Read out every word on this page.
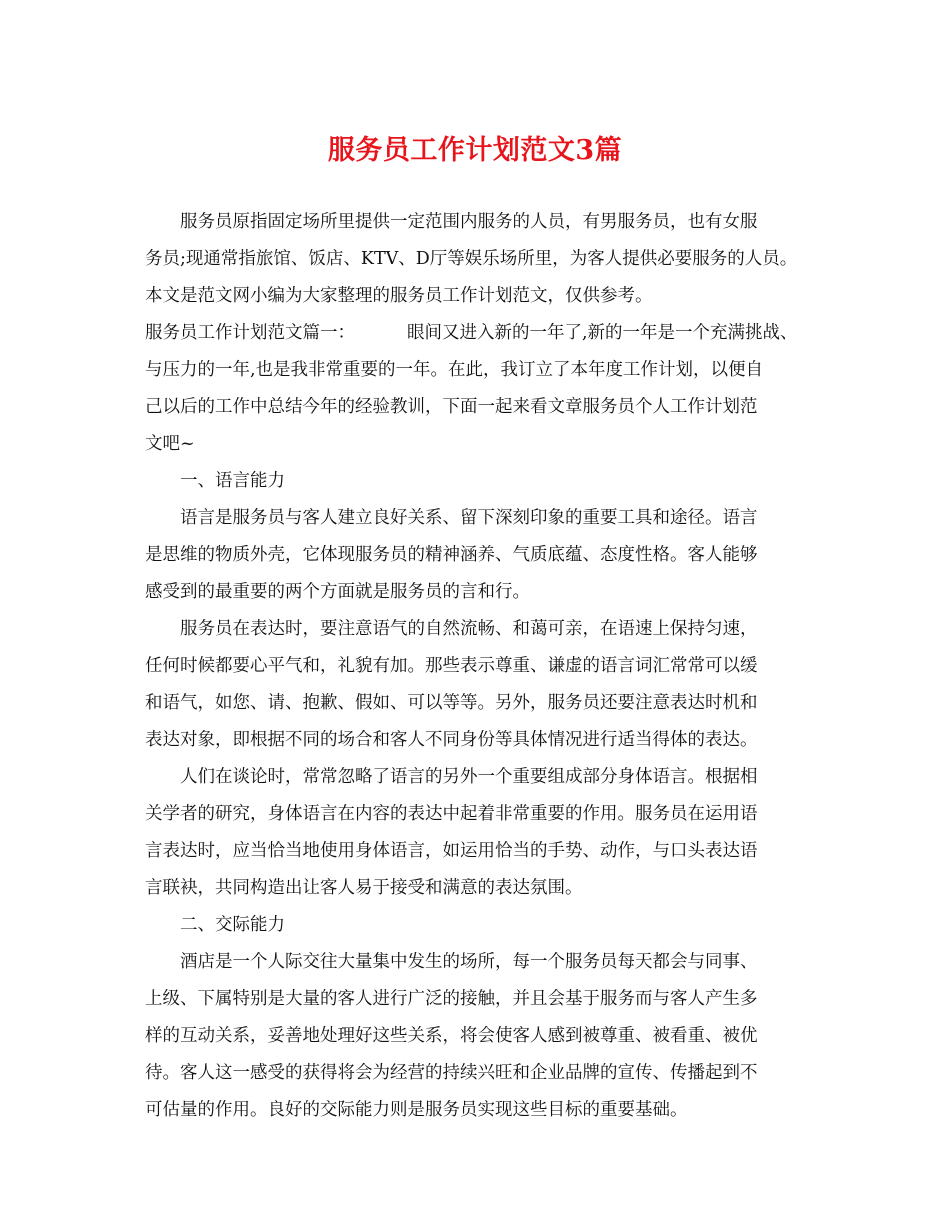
服务员工作计划范文3篇

服务员原指固定场所里提供一定范围内服务的人员，有男服务员，也有女服

务员;现通常指旅馆、饭店、KTV、D厅等娱乐场所里，为客人提供必要服务的人员。

本文是范文网小编为大家整理的服务员工作计划范文，仅供参考。

服务员工作计划范文篇一：	眼间又进入新的一年了,新的一年是一个充满挑战、

与压力的一年,也是我非常重要的一年。在此，我订立了本年度工作计划，以便自

己以后的工作中总结今年的经验教训，下面一起来看文章服务员个人工作计划范

文吧~

一、语言能力

语言是服务员与客人建立良好关系、留下深刻印象的重要工具和途径。语言

是思维的物质外壳，它体现服务员的精神涵养、气质底蕴、态度性格。客人能够

感受到的最重要的两个方面就是服务员的言和行。

服务员在表达时，要注意语气的自然流畅、和蔼可亲，在语速上保持匀速，

任何时候都要心平气和，礼貌有加。那些表示尊重、谦虚的语言词汇常常可以缓

和语气，如您、请、抱歉、假如、可以等等。另外，服务员还要注意表达时机和

表达对象，即根据不同的场合和客人不同身份等具体情况进行适当得体的表达。

人们在谈论时，常常忽略了语言的另外一个重要组成部分身体语言。根据相

关学者的研究，身体语言在内容的表达中起着非常重要的作用。服务员在运用语

言表达时，应当恰当地使用身体语言，如运用恰当的手势、动作，与口头表达语

言联袂，共同构造出让客人易于接受和满意的表达氛围。

二、交际能力

酒店是一个人际交往大量集中发生的场所，每一个服务员每天都会与同事、

上级、下属特别是大量的客人进行广泛的接触，并且会基于服务而与客人产生多

样的互动关系，妥善地处理好这些关系，将会使客人感到被尊重、被看重、被优

待。客人这一感受的获得将会为经营的持续兴旺和企业品牌的宣传、传播起到不

可估量的作用。良好的交际能力则是服务员实现这些目标的重要基础。
